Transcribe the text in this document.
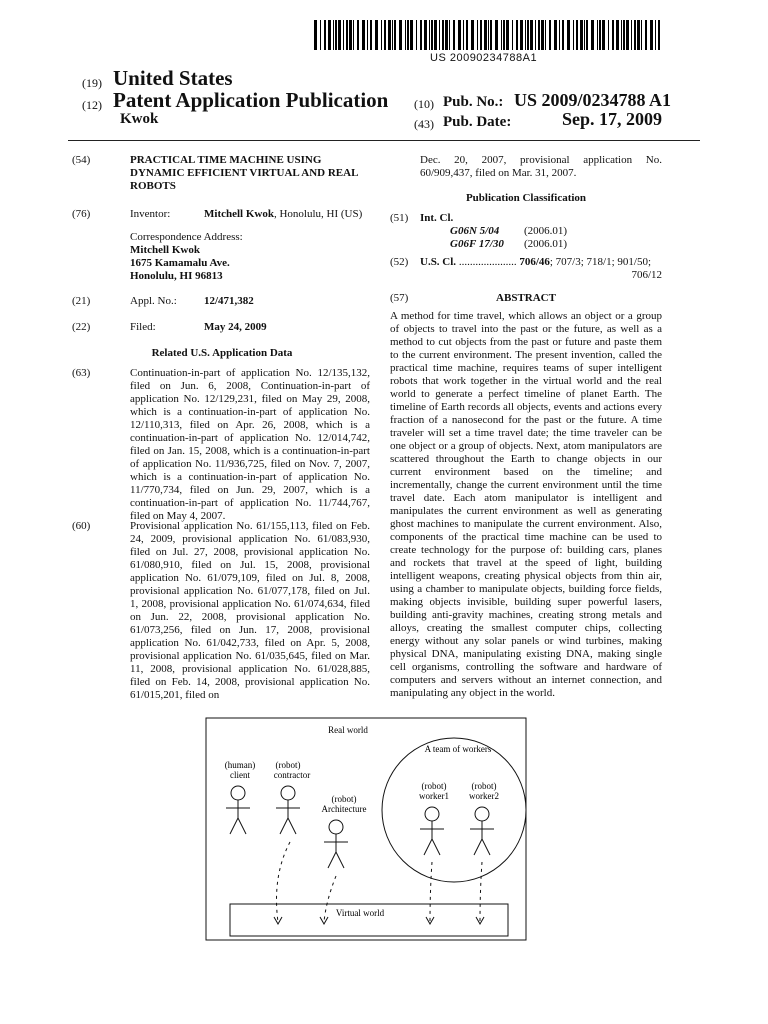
US 20090234788A1
(19) United States
(12) Patent Application Publication
Kwok
(10) Pub. No.: US 2009/0234788 A1
(43) Pub. Date:	Sep. 17, 2009
(54)	PRACTICAL TIME MACHINE USING DYNAMIC EFFICIENT VIRTUAL AND REAL ROBOTS
(76)	Inventor:	Mitchell Kwok, Honolulu, HI (US)
Correspondence Address:
Mitchell Kwok
1675 Kamamalu Ave.
Honolulu, HI 96813
(21)	Appl. No.: 12/471,382
(22)	Filed:	May 24, 2009
Related U.S. Application Data
(63)	Continuation-in-part of application No. 12/135,132, filed on Jun. 6, 2008, Continuation-in-part of application No. 12/129,231, filed on May 29, 2008, which is a continuation-in-part of application No. 12/110,313, filed on Apr. 26, 2008, which is a continuation-in-part of application No. 12/014,742, filed on Jan. 15, 2008, which is a continuation-in-part of application No. 11/936,725, filed on Nov. 7, 2007, which is a continuation-in-part of application No. 11/770,734, filed on Jun. 29, 2007, which is a continuation-in-part of application No. 11/744,767, filed on May 4, 2007.
(60)	Provisional application No. 61/155,113, filed on Feb. 24, 2009, provisional application No. 61/083,930, filed on Jul. 27, 2008, provisional application No. 61/080,910, filed on Jul. 15, 2008, provisional application No. 61/079,109, filed on Jul. 8, 2008, provisional application No. 61/077,178, filed on Jul. 1, 2008, provisional application No. 61/074,634, filed on Jun. 22, 2008, provisional application No. 61/073,256, filed on Jun. 17, 2008, provisional application No. 61/042,733, filed on Apr. 5, 2008, provisional application No. 61/035,645, filed on Mar. 11, 2008, provisional application No. 61/028,885, filed on Feb. 14, 2008, provisional application No. 61/015,201, filed on
Dec. 20, 2007, provisional application No. 60/909,437, filed on Mar. 31, 2007.
Publication Classification
(51) Int. Cl.
G06N 5/04 (2006.01)
G06F 17/30 (2006.01)
(52) U.S. Cl. ..................... 706/46; 707/3; 718/1; 901/50;
706/12
(57)	ABSTRACT
A method for time travel, which allows an object or a group of objects to travel into the past or the future, as well as a method to cut objects from the past or future and paste them to the current environment. The present invention, called the practical time machine, requires teams of super intelligent robots that work together in the virtual world and the real world to generate a perfect timeline of planet Earth. The timeline of Earth records all objects, events and actions every fraction of a nanosecond for the past or the future. A time traveler will set a time travel date; the time traveler can be one object or a group of objects. Next, atom manipulators are scattered throughout the Earth to change objects in our current environment based on the timeline; and incrementally, change the current environment until the time travel date. Each atom manipulator is intelligent and manipulates the current environment as well as generating ghost machines to manipulate the current environment. Also, components of the practical time machine can be used to create technology for the purpose of: building cars, planes and rockets that travel at the speed of light, building intelligent weapons, creating physical objects from thin air, using a chamber to manipulate objects, building force fields, making objects invisible, building super powerful lasers, building anti-gravity machines, creating strong metals and alloys, creating the smallest computer chips, collecting energy without any solar panels or wind turbines, making physical DNA, manipulating existing DNA, making single cell organisms, controlling the software and hardware of computers and servers without an internet connection, and manipulating any object in the world.
Real world
A team of workers
(human)
client
(robot)
contractor
(robot)
Architecture
(robot)
worker1
(robot)
worker2
Virtual world
